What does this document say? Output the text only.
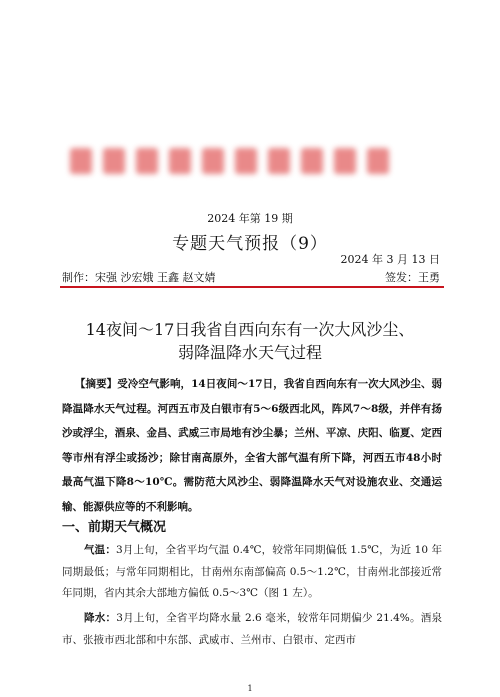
2024 年第 19 期
专题天气预报（9）
2024 年 3 月 13 日
制作：宋强 沙宏娥 王鑫 赵文婧	签发：王勇
14夜间～17日我省自西向东有一次大风沙尘、
弱降温降水天气过程
【摘要】受冷空气影响，14日夜间～17日，我省自西向东有一次大风沙尘、弱降温降水天气过程。河西五市及白银市有5～6级西北风，阵风7～8级，并伴有扬沙或浮尘，酒泉、金昌、武威三市局地有沙尘暴；兰州、平凉、庆阳、临夏、定西等市州有浮尘或扬沙；除甘南高原外，全省大部气温有所下降，河西五市48小时最高气温下降8～10℃。需防范大风沙尘、弱降温降水天气对设施农业、交通运输、能源供应等的不利影响。
一、前期天气概况
气温：3月上旬，全省平均气温 0.4℃，较常年同期偏低 1.5℃，为近 10 年同期最低；与常年同期相比，甘南州东南部偏高 0.5～1.2℃，甘南州北部接近常年同期，省内其余大部地方偏低 0.5～3℃（图 1 左）。
降水：3月上旬，全省平均降水量 2.6 毫米，较常年同期偏少 21.4%。酒泉市、张掖市西北部和中东部、武威市、兰州市、白银市、定西市
1
